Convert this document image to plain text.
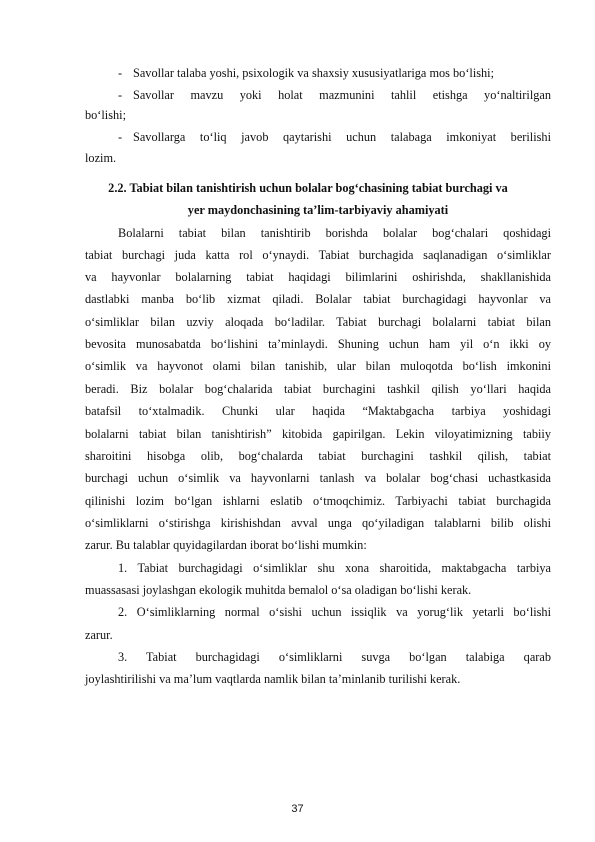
- Savollar talaba yoshi, psixologik va shaxsiy xususiyatlariga mos bo‘lishi;
- Savollar mavzu yoki holat mazmunini tahlil etishga yo‘naltirilgan
bo‘lishi;
- Savollarga to‘liq javob qaytarishi uchun talabaga imkoniyat berilishi
lozim.
2.2. Tabiat bilan tanishtirish uchun bolalar bog‘chasining tabiat burchagi va
yer maydonchasining ta’lim-tarbiyaviy ahamiyati
Bolalarni tabiat bilan tanishtirib borishda bolalar bog‘chalari qoshidagi
tabiat burchagi juda katta rol o‘ynaydi. Tabiat burchagida saqlanadigan o‘simliklar
va hayvonlar bolalarning tabiat haqidagi bilimlarini oshirishda, shakllanishida
dastlabki manba bo‘lib xizmat qiladi. Bolalar tabiat burchagidagi hayvonlar va
o‘simliklar bilan uzviy aloqada bo‘ladilar. Tabiat burchagi bolalarni tabiat bilan
bevosita munosabatda bo‘lishini ta’minlaydi. Shuning uchun ham yil o‘n ikki oy
o‘simlik va hayvonot olami bilan tanishib, ular bilan muloqotda bo‘lish imkonini
beradi. Biz bolalar bog‘chalarida tabiat burchagini tashkil qilish yo‘llari haqida
batafsil to‘xtalmadik. Chunki ular haqida “Maktabgacha tarbiya yoshidagi
bolalarni tabiat bilan tanishtirish” kitobida gapirilgan. Lekin viloyatimizning tabiiy
sharoitini hisobga olib, bog‘chalarda tabiat burchagini tashkil qilish, tabiat
burchagi uchun o‘simlik va hayvonlarni tanlash va bolalar bog‘chasi uchastkasida
qilinishi lozim bo‘lgan ishlarni eslatib o‘tmoqchimiz. Tarbiyachi tabiat burchagida
o‘simliklarni o‘stirishga kirishishdan avval unga qo‘yiladigan talablarni bilib olishi
zarur. Bu talablar quyidagilardan iborat bo‘lishi mumkin:
1. Tabiat burchagidagi o‘simliklar shu xona sharoitida, maktabgacha tarbiya
muassasasi joylashgan ekologik muhitda bemalol o‘sa oladigan bo‘lishi kerak.
2. O‘simliklarning normal o‘sishi uchun issiqlik va yorug‘lik yetarli bo‘lishi
zarur.
3. Tabiat burchagidagi o‘simliklarni suvga bo‘lgan talabiga qarab
joylashtirilishi va ma’lum vaqtlarda namlik bilan ta’minlanib turilishi kerak.
37
